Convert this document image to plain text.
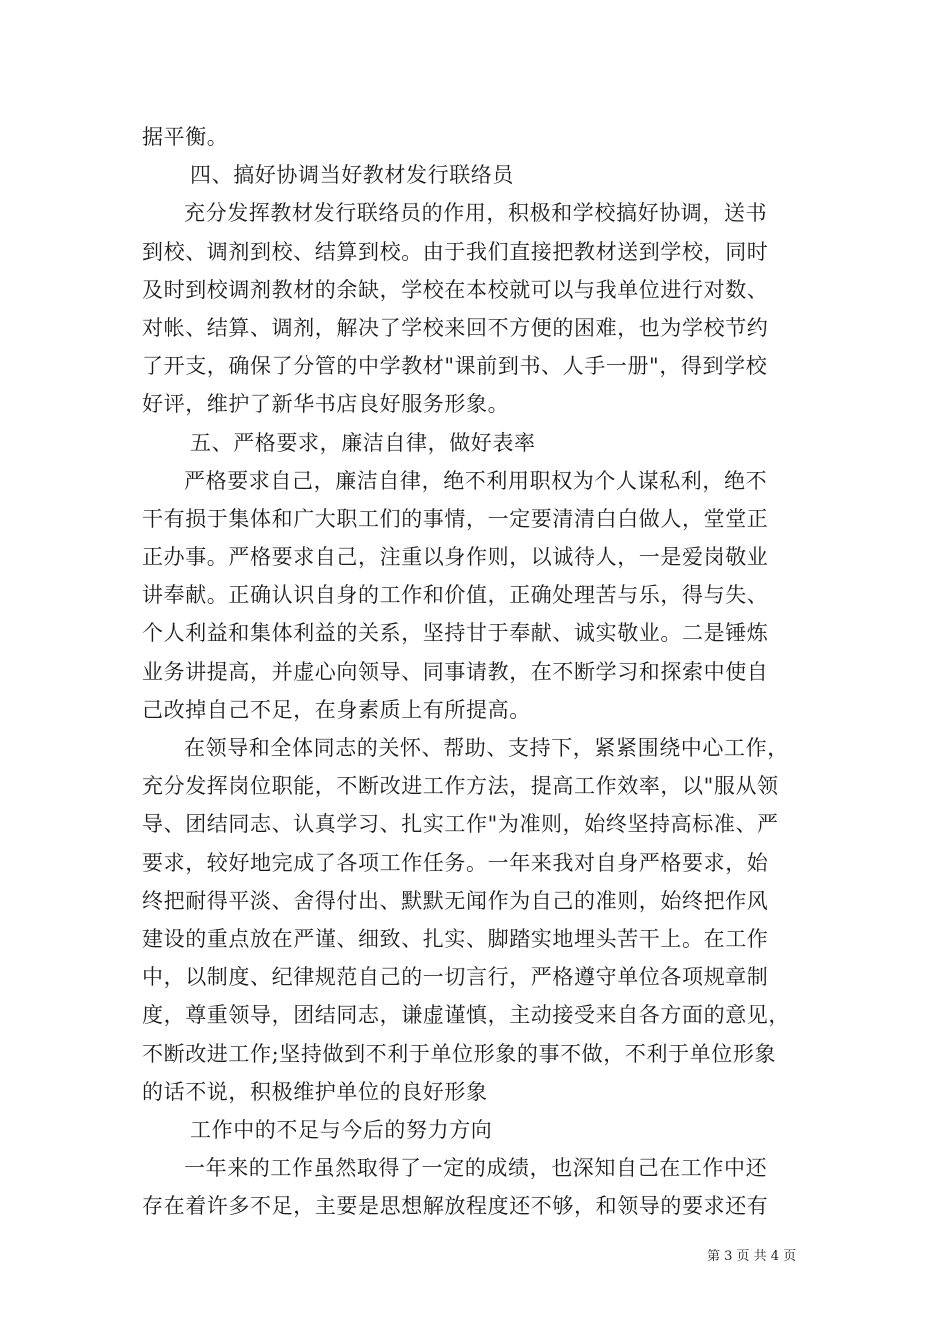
据平衡。
四、搞好协调当好教材发行联络员
充分发挥教材发行联络员的作用，积极和学校搞好协调，送书
到校、调剂到校、结算到校。由于我们直接把教材送到学校，同时
及时到校调剂教材的余缺，学校在本校就可以与我单位进行对数、
对帐、结算、调剂，解决了学校来回不方便的困难，也为学校节约
了开支，确保了分管的中学教材"课前到书、人手一册"，得到学校
好评，维护了新华书店良好服务形象。
五、严格要求，廉洁自律，做好表率
严格要求自己，廉洁自律，绝不利用职权为个人谋私利，绝不
干有损于集体和广大职工们的事情，一定要清清白白做人，堂堂正
正办事。严格要求自己，注重以身作则，以诚待人，一是爱岗敬业
讲奉献。正确认识自身的工作和价值，正确处理苦与乐，得与失、
个人利益和集体利益的关系，坚持甘于奉献、诚实敬业。二是锤炼
业务讲提高，并虚心向领导、同事请教，在不断学习和探索中使自
己改掉自己不足，在身素质上有所提高。
在领导和全体同志的关怀、帮助、支持下，紧紧围绕中心工作，
充分发挥岗位职能，不断改进工作方法，提高工作效率，以"服从领
导、团结同志、认真学习、扎实工作"为准则，始终坚持高标准、严
要求，较好地完成了各项工作任务。一年来我对自身严格要求，始
终把耐得平淡、舍得付出、默默无闻作为自己的准则，始终把作风
建设的重点放在严谨、细致、扎实、脚踏实地埋头苦干上。在工作
中，以制度、纪律规范自己的一切言行，严格遵守单位各项规章制
度，尊重领导，团结同志，谦虚谨慎，主动接受来自各方面的意见，
不断改进工作;坚持做到不利于单位形象的事不做，不利于单位形象
的话不说，积极维护单位的良好形象
工作中的不足与今后的努力方向
一年来的工作虽然取得了一定的成绩，也深知自己在工作中还
存在着许多不足，主要是思想解放程度还不够，和领导的要求还有
第 3 页 共 4 页
